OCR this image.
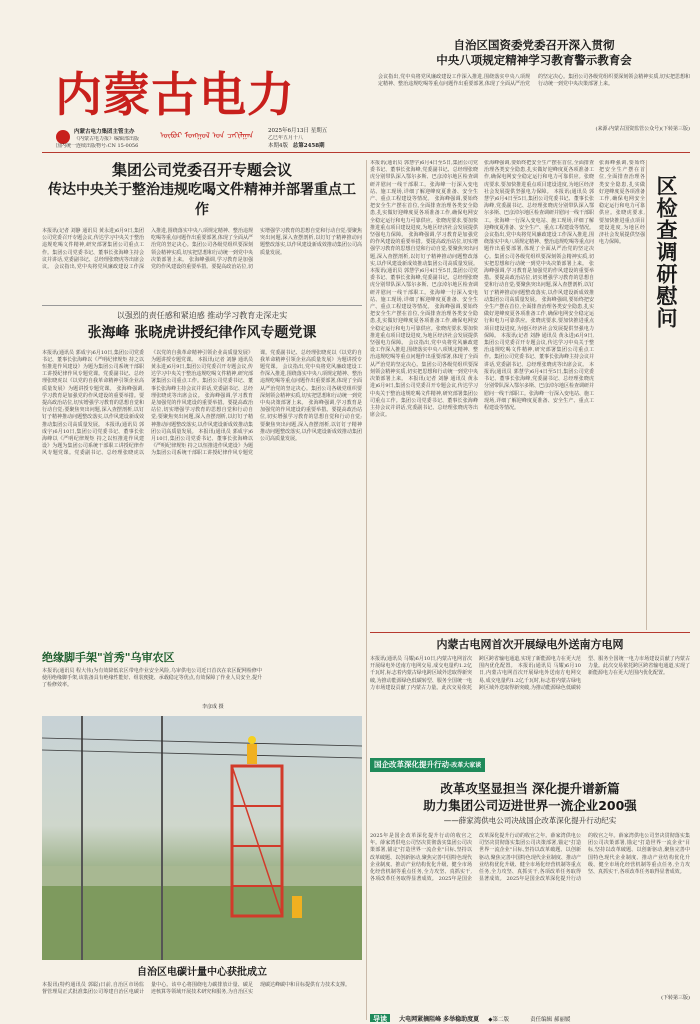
内蒙古电力
ᠦᠪᠦᠷ ᠮᠣᠩᠭᠣᠯ ᠤᠨ ᠴᠠᠬᠢᠯᠭᠠᠨ
内蒙古电力集团主管主办
《内蒙古电力报》编辑部出版
国内统一连续出版物号:CN 15-0056
2025年6月13日 星期五
乙巳年五月十八
本期4版 总第2458期
自治区国资委党委召开深入贯彻
中央八项规定精神学习教育警示教育会
会议指出,党中央将党风廉政建设工作深入推进,围绕落实中央八项规定精神、整治违规吃喝等重点问题作出重要部署,体现了全面从严治党的坚定决心。集团公司各级党组织要深刻领会精神实质,切实把思想和行动统一到党中央决策部署上来。
(来源:内蒙古国资监管公众号)(下转第三版)
集团公司党委召开专题会议
传达中央关于整治违规吃喝文件精神并部署重点工作
本报讯(记者 刘静 通讯员 黄永进)6月9日,集团公司党委召开专题会议,传达学习中央关于整治违规吃喝文件精神,研究部署集团公司重点工作。集团公司党委书记、董事长张海峰主持会议并讲话,党委副书记、总经理张晓虎等出席会议。 会议指出,党中央将党风廉政建设工作深入推进,围绕落实中央八项规定精神、整治违规吃喝等重点问题作出重要部署,体现了全面从严治党的坚定决心。集团公司各级党组织要深刻领会精神实质,切实把思想和行动统一到党中央决策部署上来。 张海峰强调,学习教育是加强党的作风建设的重要举措。要提高政治站位,切实增强学习教育的思想自觉和行动自觉;要聚焦突出问题,深入查摆剖析,以钉钉子精神推动问题整改落实,以作风建设新成效推动集团公司高质量发展。
本报讯(通讯员 郭慧学)6月4日至5日,集团公司党委书记、董事长张海峰,党委副书记、总经理张晓虎分别带队深入鄂尔多斯、巴彦淖尔地区检查调研并慰问一线干部职工。张海峰一行深入变电站、施工现场,详细了解迎峰度夏准备、安全生产、重点工程建设等情况。 张海峰强调,要始终把安全生产摆在首位,全面排查治理各类安全隐患,扎实做好迎峰度夏各项准备工作,确保电网安全稳定运行和电力可靠供应。张晓虎要求,要加快推进重点项目建设进度,为地区经济社会发展提供坚强电力保障。 张海峰强调,学习教育是加强党的作风建设的重要举措。要提高政治站位,切实增强学习教育的思想自觉和行动自觉;要聚焦突出问题,深入查摆剖析,以钉钉子精神推动问题整改落实,以作风建设新成效推动集团公司高质量发展。 本报讯(通讯员 郭慧学)6月4日至5日,集团公司党委书记、董事长张海峰,党委副书记、总经理张晓虎分别带队深入鄂尔多斯、巴彦淖尔地区检查调研并慰问一线干部职工。张海峰一行深入变电站、施工现场,详细了解迎峰度夏准备、安全生产、重点工程建设等情况。 张海峰强调,要始终把安全生产摆在首位,全面排查治理各类安全隐患,扎实做好迎峰度夏各项准备工作,确保电网安全稳定运行和电力可靠供应。张晓虎要求,要加快推进重点项目建设进度,为地区经济社会发展提供坚强电力保障。 会议指出,党中央将党风廉政建设工作深入推进,围绕落实中央八项规定精神、整治违规吃喝等重点问题作出重要部署,体现了全面从严治党的坚定决心。集团公司各级党组织要深刻领会精神实质,切实把思想和行动统一到党中央决策部署上来。 本报讯(记者 刘静 通讯员 黄永进)6月9日,集团公司党委召开专题会议,传达学习中央关于整治违规吃喝文件精神,研究部署集团公司重点工作。集团公司党委书记、董事长张海峰主持会议并讲话,党委副书记、总经理张晓虎等出席会议。
张海峰强调,要始终把安全生产摆在首位,全面排查治理各类安全隐患,扎实做好迎峰度夏各项准备工作,确保电网安全稳定运行和电力可靠供应。张晓虎要求,要加快推进重点项目建设进度,为地区经济社会发展提供坚强电力保障。 本报讯(通讯员 郭慧学)6月4日至5日,集团公司党委书记、董事长张海峰,党委副书记、总经理张晓虎分别带队深入鄂尔多斯、巴彦淖尔地区检查调研并慰问一线干部职工。张海峰一行深入变电站、施工现场,详细了解迎峰度夏准备、安全生产、重点工程建设等情况。 会议指出,党中央将党风廉政建设工作深入推进,围绕落实中央八项规定精神、整治违规吃喝等重点问题作出重要部署,体现了全面从严治党的坚定决心。集团公司各级党组织要深刻领会精神实质,切实把思想和行动统一到党中央决策部署上来。 张海峰强调,学习教育是加强党的作风建设的重要举措。要提高政治站位,切实增强学习教育的思想自觉和行动自觉;要聚焦突出问题,深入查摆剖析,以钉钉子精神推动问题整改落实,以作风建设新成效推动集团公司高质量发展。 张海峰强调,要始终把安全生产摆在首位,全面排查治理各类安全隐患,扎实做好迎峰度夏各项准备工作,确保电网安全稳定运行和电力可靠供应。张晓虎要求,要加快推进重点项目建设进度,为地区经济社会发展提供坚强电力保障。 本报讯(记者 刘静 通讯员 黄永进)6月9日,集团公司党委召开专题会议,传达学习中央关于整治违规吃喝文件精神,研究部署集团公司重点工作。集团公司党委书记、董事长张海峰主持会议并讲话,党委副书记、总经理张晓虎等出席会议。 本报讯(通讯员 郭慧学)6月4日至5日,集团公司党委书记、董事长张海峰,党委副书记、总经理张晓虎分别带队深入鄂尔多斯、巴彦淖尔地区检查调研并慰问一线干部职工。张海峰一行深入变电站、施工现场,详细了解迎峰度夏准备、安全生产、重点工程建设等情况。
区检查调研慰问
以强烈的责任感和紧迫感 推动学习教育走深走实
张海峰 张晓虎讲授纪律作风专题党课
本报讯(通讯员 郭成宇)6月10日,集团公司党委书记、董事长张海峰以《严明纪律规矩 持之以恒推进作风建设》为题为集团公司系统干部职工讲授纪律作风专题党课。党委副书记、总经理张晓虎以《以党的自我革命精神引领企业高质量发展》为题讲授专题党课。 张海峰强调,学习教育是加强党的作风建设的重要举措。要提高政治站位,切实增强学习教育的思想自觉和行动自觉;要聚焦突出问题,深入查摆剖析,以钉钉子精神推动问题整改落实,以作风建设新成效推动集团公司高质量发展。 本报讯(通讯员 郭成宇)6月10日,集团公司党委书记、董事长张海峰以《严明纪律规矩 持之以恒推进作风建设》为题为集团公司系统干部职工讲授纪律作风专题党课。党委副书记、总经理张晓虎以《以党的自我革命精神引领企业高质量发展》为题讲授专题党课。 本报讯(记者 刘静 通讯员 黄永进)6月9日,集团公司党委召开专题会议,传达学习中央关于整治违规吃喝文件精神,研究部署集团公司重点工作。集团公司党委书记、董事长张海峰主持会议并讲话,党委副书记、总经理张晓虎等出席会议。 张海峰强调,学习教育是加强党的作风建设的重要举措。要提高政治站位,切实增强学习教育的思想自觉和行动自觉;要聚焦突出问题,深入查摆剖析,以钉钉子精神推动问题整改落实,以作风建设新成效推动集团公司高质量发展。 本报讯(通讯员 郭成宇)6月10日,集团公司党委书记、董事长张海峰以《严明纪律规矩 持之以恒推进作风建设》为题为集团公司系统干部职工讲授纪律作风专题党课。党委副书记、总经理张晓虎以《以党的自我革命精神引领企业高质量发展》为题讲授专题党课。 会议指出,党中央将党风廉政建设工作深入推进,围绕落实中央八项规定精神、整治违规吃喝等重点问题作出重要部署,体现了全面从严治党的坚定决心。集团公司各级党组织要深刻领会精神实质,切实把思想和行动统一到党中央决策部署上来。 张海峰强调,学习教育是加强党的作风建设的重要举措。要提高政治站位,切实增强学习教育的思想自觉和行动自觉;要聚焦突出问题,深入查摆剖析,以钉钉子精神推动问题整改落实,以作风建设新成效推动集团公司高质量发展。
绝缘脚手架"首秀"乌审农区
本报讯(通讯员 程大伟)为有效降低农区带电作业安全风险,乌审供电公司近日首次在农区配网检修中使用绝缘脚手架,该装备具有绝缘性能好、组装便捷、承载稳定等优点,有效保障了作业人员安全,提升了检修效率。
李彦成 摄
张海峰强调,要始终把安全生产摆在首位,全面排查治理各类安全隐患,扎实做好迎峰度夏各项准备工作,确保电网安全稳定运行和电力可靠供应。张晓虎要求,要加快推进重点项目建设进度,为地区经济社会发展提供坚强电力保障。
内蒙古电网首次开展绿电外送南方电网
本报讯(通讯员 马耀)6月10日,内蒙古电网首次开展绿电外送南方电网交易,成交电量约1.2亿千瓦时,标志着内蒙古绿电跨区域外送取得新突破,为推动能源绿色低碳转型、服务全国统一电力市场建设贡献了内蒙古力量。此次交易依托跨区跨省输电通道,实现了新能源电力在更大范围内优化配置。 本报讯(通讯员 马耀)6月10日,内蒙古电网首次开展绿电外送南方电网交易,成交电量约1.2亿千瓦时,标志着内蒙古绿电跨区域外送取得新突破,为推动能源绿色低碳转型、服务全国统一电力市场建设贡献了内蒙古力量。此次交易依托跨区跨省输电通道,实现了新能源电力在更大范围内优化配置。
国企改革深化提升行动·改革大家谈
改革攻坚显担当 深化提升谱新篇
助力集团公司迈进世界一流企业200强
——薛家湾供电公司决战国企改革深化提升行动纪实
2025年是国企改革深化提升行动的收官之年。薛家湾供电公司坚决贯彻落实集团公司决策部署,锚定"打造世界一流企业"目标,坚持以改革破题、以创新驱动,聚焦完善中国特色现代企业制度、推动产业结构优化升级、健全市场化经营机制等重点任务,全力攻坚、真抓实干,各项改革任务取得显著成效。 2025年是国企改革深化提升行动的收官之年。薛家湾供电公司坚决贯彻落实集团公司决策部署,锚定"打造世界一流企业"目标,坚持以改革破题、以创新驱动,聚焦完善中国特色现代企业制度、推动产业结构优化升级、健全市场化经营机制等重点任务,全力攻坚、真抓实干,各项改革任务取得显著成效。 2025年是国企改革深化提升行动的收官之年。薛家湾供电公司坚决贯彻落实集团公司决策部署,锚定"打造世界一流企业"目标,坚持以改革破题、以创新驱动,聚焦完善中国特色现代企业制度、推动产业结构优化升级、健全市场化经营机制等重点任务,全力攻坚、真抓实干,各项改革任务取得显著成效。
(下转第三版)
自治区电碳计量中心获批成立
本报讯(特约通讯员 郭聪)日前,自治区市场监督管理局正式批准集团公司筹建自治区电碳计量中心。该中心将围绕电力碳排放计量、碳足迹核算等领域开展技术研究和服务,为自治区实现碳达峰碳中和目标提供有力技术支撑。
导读 大电网紧摘阻峰 多举稳助度夏 ◆第二版	责任编辑 郝丽媛
